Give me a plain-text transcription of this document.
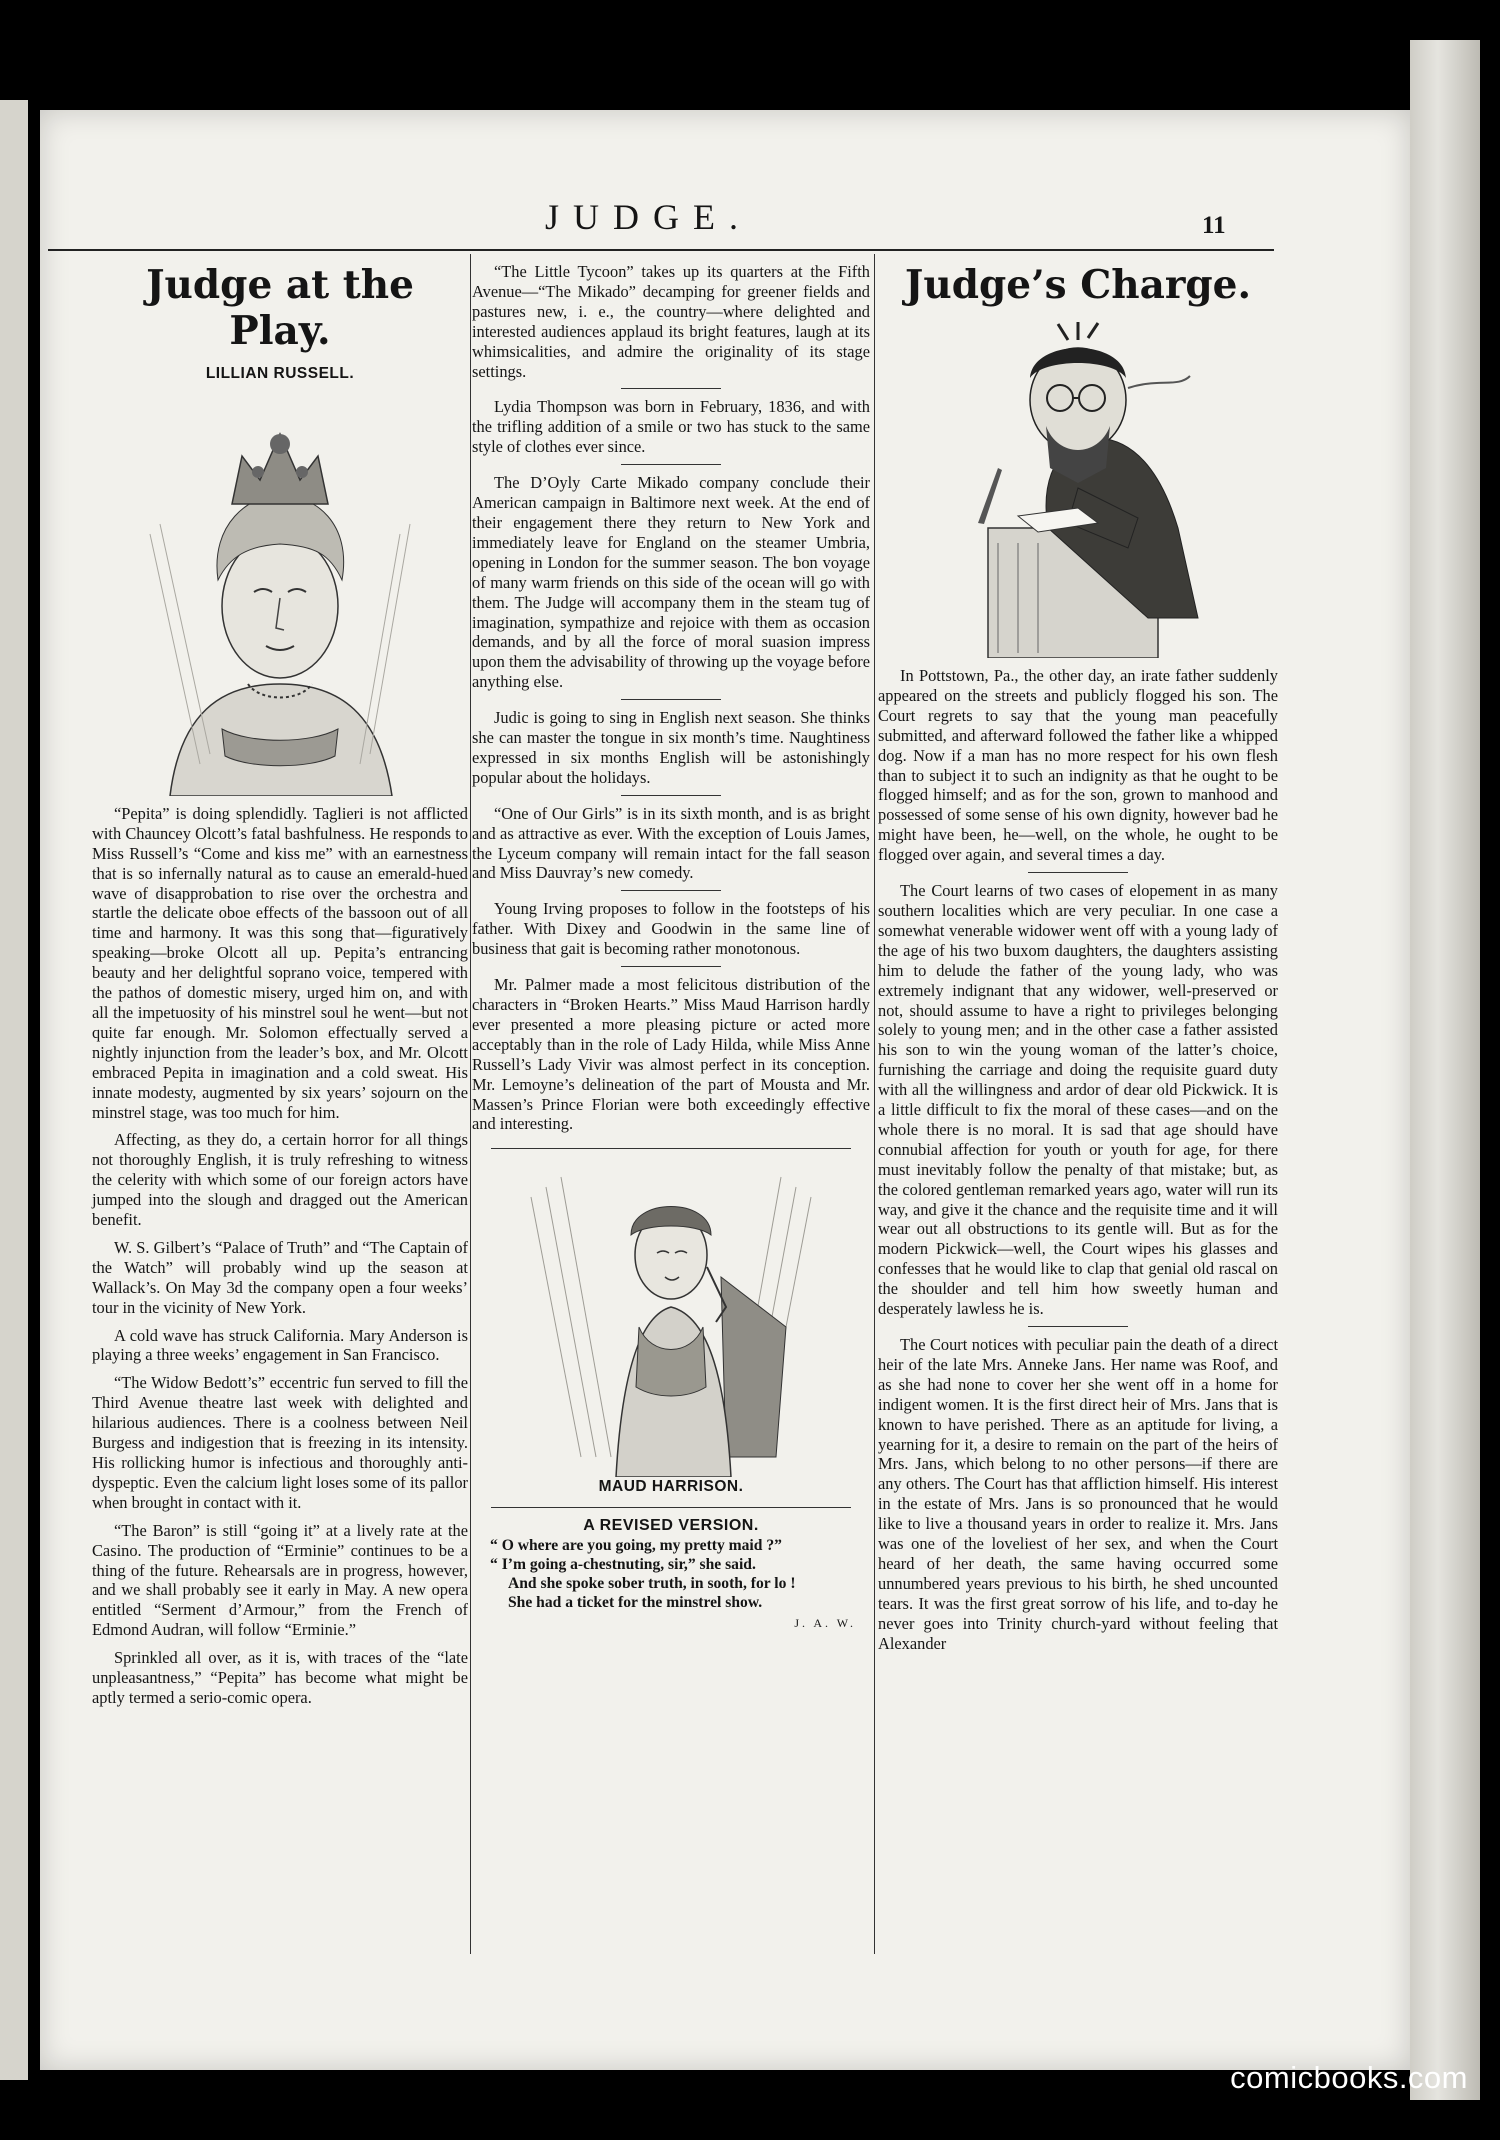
JUDGE.	11
Judge at the Play.
LILLIAN RUSSELL.

“Pepita” is doing splendidly. Taglieri is not afflicted with Chauncey Olcott’s fatal bashfulness. He responds to Miss Russell’s “Come and kiss me” with an earnestness that is so infernally natural as to cause an emerald-hued wave of disapprobation to rise over the orchestra and startle the delicate oboe effects of the bassoon out of all time and harmony. It was this song that—figuratively speaking—broke Olcott all up. Pepita’s entrancing beauty and her delightful soprano voice, tempered with the pathos of domestic misery, urged him on, and with all the impetuosity of his minstrel soul he went—but not quite far enough. Mr. Solomon effectually served a nightly injunction from the leader’s box, and Mr. Olcott embraced Pepita in imagination and a cold sweat. His innate modesty, augmented by six years’ sojourn on the minstrel stage, was too much for him.

Affecting, as they do, a certain horror for all things not thoroughly English, it is truly refreshing to witness the celerity with which some of our foreign actors have jumped into the slough and dragged out the American benefit.

W. S. Gilbert’s “Palace of Truth” and “The Captain of the Watch” will probably wind up the season at Wallack’s. On May 3d the company open a four weeks’ tour in the vicinity of New York.

A cold wave has struck California. Mary Anderson is playing a three weeks’ engagement in San Francisco.

“The Widow Bedott’s” eccentric fun served to fill the Third Avenue theatre last week with delighted and hilarious audiences. There is a coolness between Neil Burgess and indigestion that is freezing in its intensity. His rollicking humor is infectious and thoroughly anti-dyspeptic. Even the calcium light loses some of its pallor when brought in contact with it.

“The Baron” is still “going it” at a lively rate at the Casino. The production of “Erminie” continues to be a thing of the future. Rehearsals are in progress, however, and we shall probably see it early in May. A new opera entitled “Serment d’Armour,” from the French of Edmond Audran, will follow “Erminie.”

Sprinkled all over, as it is, with traces of the “late unpleasantness,” “Pepita” has become what might be aptly termed a serio-comic opera.

“The Little Tycoon” takes up its quarters at the Fifth Avenue—“The Mikado” decamping for greener fields and pastures new, i. e., the country—where delighted and interested audiences applaud its bright features, laugh at its whimsicalities, and admire the originality of its stage settings.

Lydia Thompson was born in February, 1836, and with the trifling addition of a smile or two has stuck to the same style of clothes ever since.

The D’Oyly Carte Mikado company conclude their American campaign in Baltimore next week. At the end of their engagement there they return to New York and immediately leave for England on the steamer Umbria, opening in London for the summer season. The bon voyage of many warm friends on this side of the ocean will go with them. The Judge will accompany them in the steam tug of imagination, sympathize and rejoice with them as occasion demands, and by all the force of moral suasion impress upon them the advisability of throwing up the voyage before anything else.

Judic is going to sing in English next season. She thinks she can master the tongue in six month’s time. Naughtiness expressed in six months English will be astonishingly popular about the holidays.

“One of Our Girls” is in its sixth month, and is as bright and as attractive as ever. With the exception of Louis James, the Lyceum company will remain intact for the fall season and Miss Dauvray’s new comedy.

Young Irving proposes to follow in the footsteps of his father. With Dixey and Goodwin in the same line of business that gait is becoming rather monotonous.

Mr. Palmer made a most felicitous distribution of the characters in “Broken Hearts.” Miss Maud Harrison hardly ever presented a more pleasing picture or acted more acceptably than in the role of Lady Hilda, while Miss Anne Russell’s Lady Vivir was almost perfect in its conception. Mr. Lemoyne’s delineation of the part of Mousta and Mr. Massen’s Prince Florian were both exceedingly effective and interesting.

MAUD HARRISON.
A REVISED VERSION.
“ O where are you going, my pretty maid ?”
“ I’m going a-chestnuting, sir,” she said.
And she spoke sober truth, in sooth, for lo !
She had a ticket for the minstrel show.
J. A. W.
Judge’s Charge.

In Pottstown, Pa., the other day, an irate father suddenly appeared on the streets and publicly flogged his son. The Court regrets to say that the young man peacefully submitted, and afterward followed the father like a whipped dog. Now if a man has no more respect for his own flesh than to subject it to such an indignity as that he ought to be flogged himself; and as for the son, grown to manhood and possessed of some sense of his own dignity, however bad he might have been, he—well, on the whole, he ought to be flogged over again, and several times a day.

The Court learns of two cases of elopement in as many southern localities which are very peculiar. In one case a somewhat venerable widower went off with a young lady of the age of his two buxom daughters, the daughters assisting him to delude the father of the young lady, who was extremely indignant that any widower, well-preserved or not, should assume to have a right to privileges belonging solely to young men; and in the other case a father assisted his son to win the young woman of the latter’s choice, furnishing the carriage and doing the requisite guard duty with all the willingness and ardor of dear old Pickwick. It is a little difficult to fix the moral of these cases—and on the whole there is no moral. It is sad that age should have connubial affection for youth or youth for age, for there must inevitably follow the penalty of that mistake; but, as the colored gentleman remarked years ago, water will run its way, and give it the chance and the requisite time and it will wear out all obstructions to its gentle will. But as for the modern Pickwick—well, the Court wipes his glasses and confesses that he would like to clap that genial old rascal on the shoulder and tell him how sweetly human and desperately lawless he is.

The Court notices with peculiar pain the death of a direct heir of the late Mrs. Anneke Jans. Her name was Roof, and as she had none to cover her she went off in a home for indigent women. It is the first direct heir of Mrs. Jans that is known to have perished. There as an aptitude for living, a yearning for it, a desire to remain on the part of the heirs of Mrs. Jans, which belong to no other persons—if there are any others. The Court has that affliction himself. His interest in the estate of Mrs. Jans is so pronounced that he would like to live a thousand years in order to realize it. Mrs. Jans was one of the loveliest of her sex, and when the Court heard of her death, the same having occurred some unnumbered years previous to his birth, he shed uncounted tears. It was the first great sorrow of his life, and to-day he never goes into Trinity church-yard without feeling that Alexander

comicbooks.com
